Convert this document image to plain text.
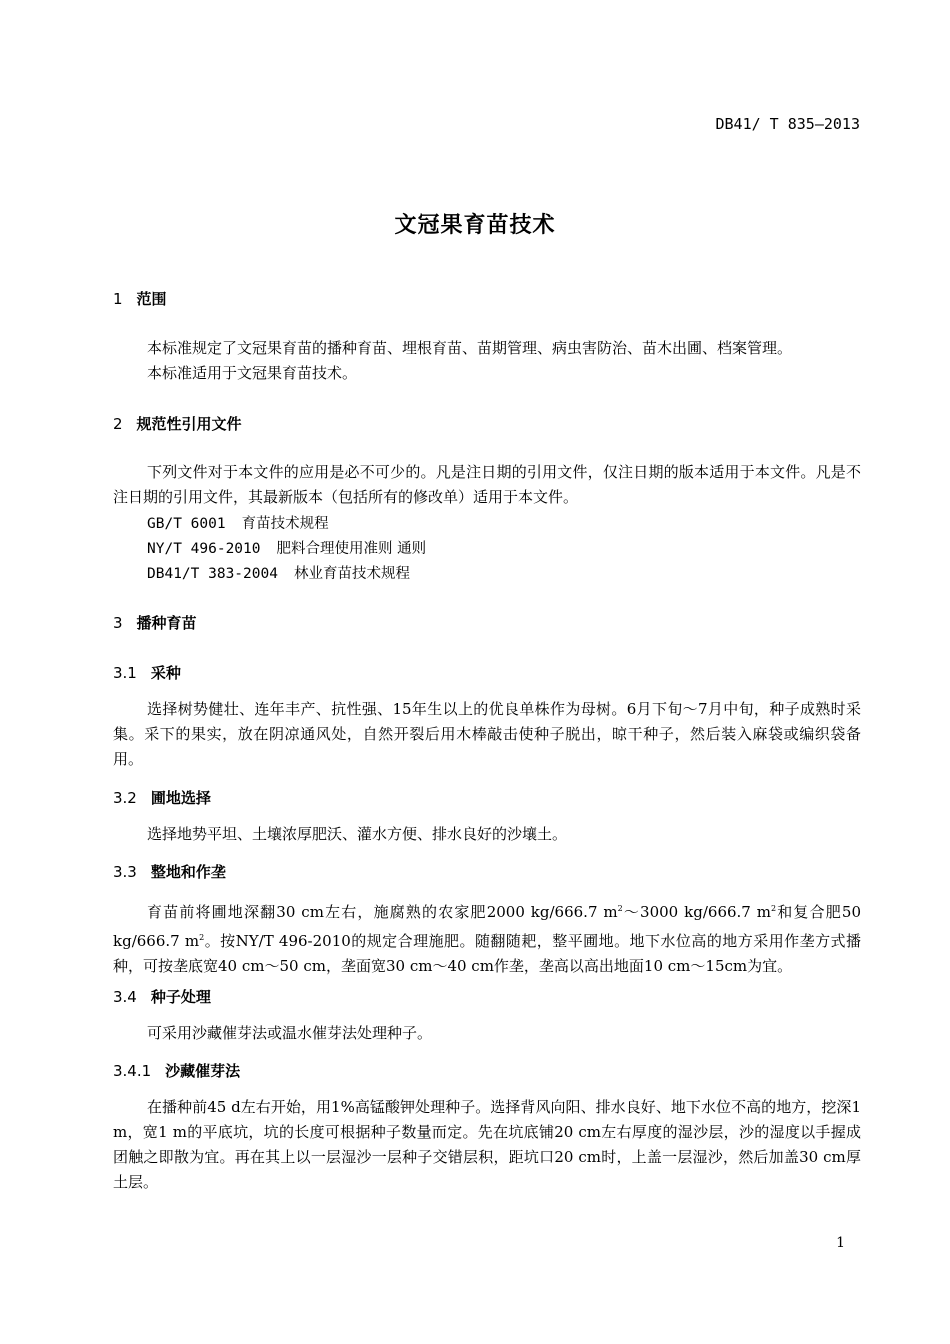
DB41/ T 835—2013
文冠果育苗技术
1 范围
本标准规定了文冠果育苗的播种育苗、埋根育苗、苗期管理、病虫害防治、苗木出圃、档案管理。
本标准适用于文冠果育苗技术。
2 规范性引用文件
下列文件对于本文件的应用是必不可少的。凡是注日期的引用文件，仅注日期的版本适用于本文件。凡是不注日期的引用文件，其最新版本（包括所有的修改单）适用于本文件。
GB/T 6001 育苗技术规程
NY/T 496-2010 肥料合理使用准则 通则
DB41/T 383-2004 林业育苗技术规程
3 播种育苗
3.1 采种
选择树势健壮、连年丰产、抗性强、15年生以上的优良单株作为母树。6月下旬～7月中旬，种子成熟时采集。采下的果实，放在阴凉通风处，自然开裂后用木棒敲击使种子脱出，晾干种子，然后装入麻袋或编织袋备用。
3.2 圃地选择
选择地势平坦、土壤浓厚肥沃、灌水方便、排水良好的沙壤土。
3.3 整地和作垄
育苗前将圃地深翻30 cm左右，施腐熟的农家肥2000 kg/666.7 $m^2\sim 3000$ kg/666.7 $m^2$和复合肥50 kg/666.7 $m^2$。按NY/T 496-2010的规定合理施肥。随翻随耙，整平圃地。地下水位高的地方采用作垄方式播种，可按垄底宽40 cm～50 cm，垄面宽30 cm～40 cm作垄，垄高以高出地面10 cm～15cm为宜。
3.4 种子处理
可采用沙藏催芽法或温水催芽法处理种子。
3.4.1 沙藏催芽法
在播种前45 d左右开始，用1%高锰酸钾处理种子。选择背风向阳、排水良好、地下水位不高的地方，挖深1 m，宽1 m的平底坑，坑的长度可根据种子数量而定。先在坑底铺20 cm左右厚度的湿沙层，沙的湿度以手握成团触之即散为宜。再在其上以一层湿沙一层种子交错层积，距坑口20 cm时，上盖一层湿沙，然后加盖30 cm厚土层。
1
